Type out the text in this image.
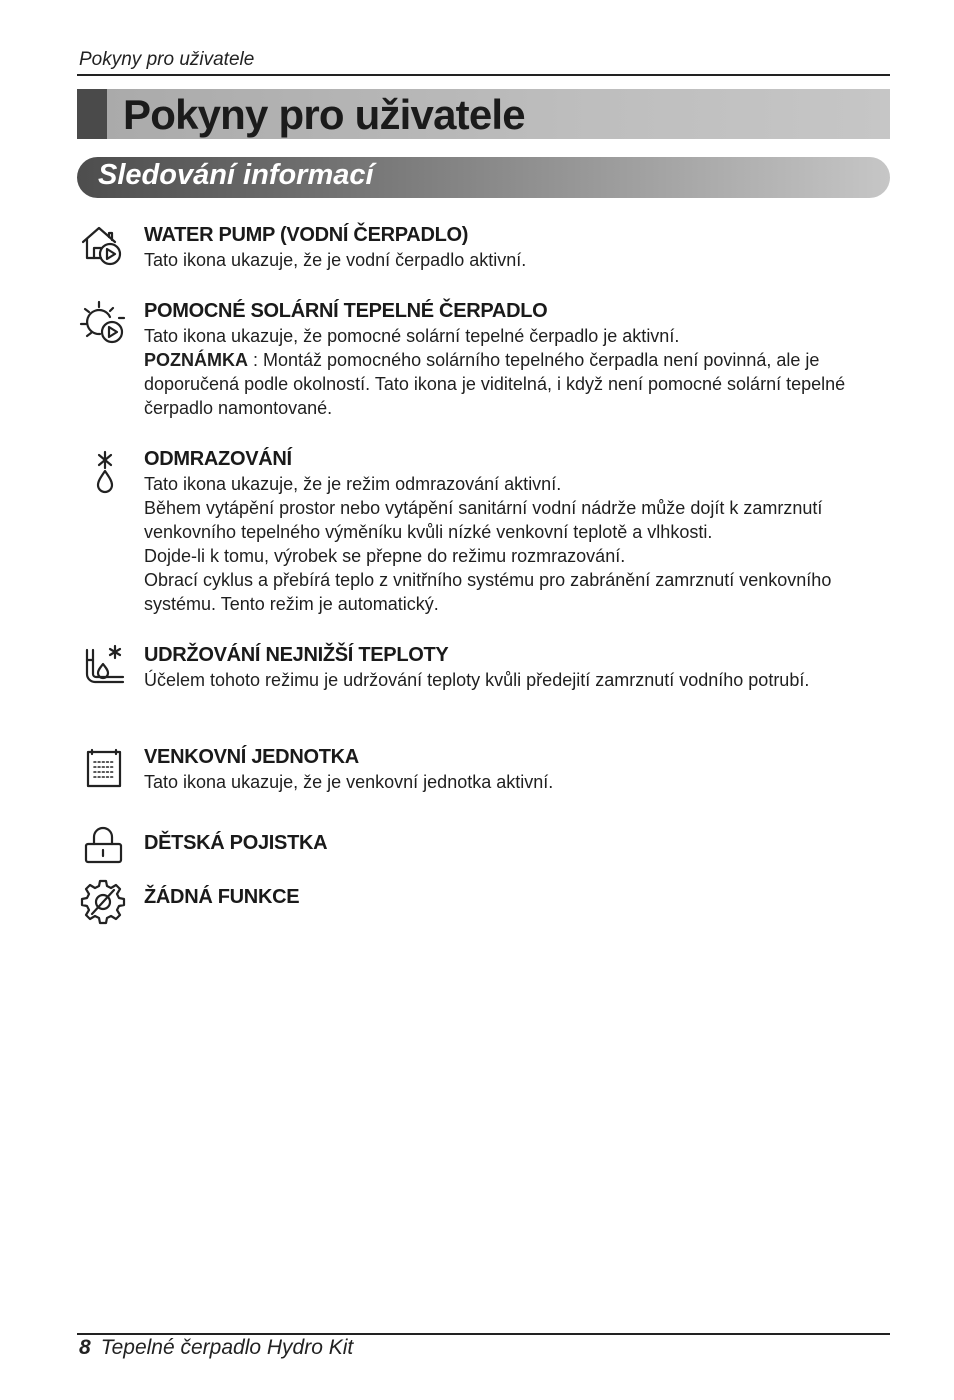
Pokyny pro uživatele
Pokyny pro uživatele
Sledování informací
WATER PUMP (VODNÍ ČERPADLO)

Tato ikona ukazuje, že je vodní čerpadlo aktivní.

POMOCNÉ SOLÁRNÍ TEPELNÉ ČERPADLO

Tato ikona ukazuje, že pomocné solární tepelné čerpadlo je aktivní.

POZNÁMKA : Montáž pomocného solárního tepelného čerpadla není povinná, ale je doporučená podle okolností. Tato ikona je viditelná, i když není pomocné solární tepelné čerpadlo namontované.

ODMRAZOVÁNÍ

Tato ikona ukazuje, že je režim odmrazování aktivní.

Během vytápění prostor nebo vytápění sanitární vodní nádrže může dojít k zamrznutí venkovního tepelného výměníku kvůli nízké venkovní teplotě a vlhkosti.

Dojde-li k tomu, výrobek se přepne do režimu rozmrazování.

Obrací cyklus a přebírá teplo z vnitřního systému pro zabránění zamrznutí venkovního systému. Tento režim je automatický.

UDRŽOVÁNÍ NEJNIŽŠÍ TEPLOTY

Účelem tohoto režimu je udržování teploty kvůli předejití zamrznutí vodního potrubí.

VENKOVNÍ JEDNOTKA

Tato ikona ukazuje, že je venkovní jednotka aktivní.

DĚTSKÁ POJISTKA
ŽÁDNÁ FUNKCE
8 Tepelné čerpadlo Hydro Kit
